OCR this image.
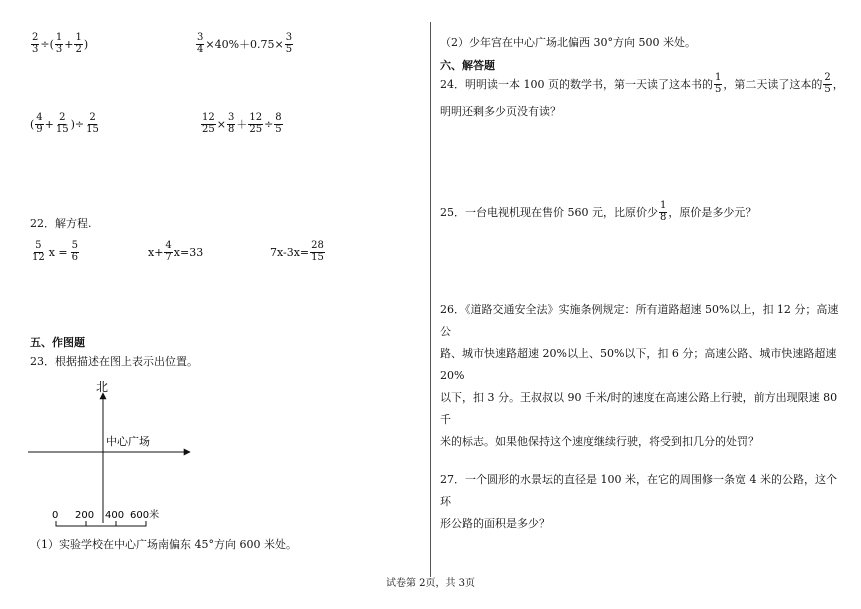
$\frac{2}{3}$ ÷( $\frac{1}{3} + \frac{1}{2}$ )	$\frac{3}{4} \times 40\%+0.75\times \frac{3}{5}$
( $\frac{4}{9} + \frac{2}{15}$ )÷ $\frac{2}{15}$	$\frac{12}{25} \times \frac{3}{8} + \frac{12}{25} \div \frac{8}{5}$
22．解方程.
$\frac{5}{12}$ $x = \frac{5}{6}$	$x+ \frac{4}{7} x=33$	$7x-3x= \frac{28}{15}$
五、作图题
23．根据描述在图上表示出位置。
北
中心广场
0 200 400 600米
（1）实验学校在中心广场南偏东 45°方向 600 米处。
（2）少年宫在中心广场北偏西 30°方向 500 米处。
六、解答题
24．明明读一本 100 页的数学书，第一天读了这本书的 $\frac{1}{5}$ ，第二天读了这本的 $\frac{2}{5}$ ，
明明还剩多少页没有读？
25．一台电视机现在售价 560 元，比原价少 $\frac{1}{8}$ ，原价是多少元？
26．《道路交通安全法》实施条例规定：所有道路超速 50%以上，扣 12 分；高速公
路、城市快速路超速 20%以上、50%以下，扣 6 分；高速公路、城市快速路超速 20%
以下，扣 3 分。王叔叔以 90 千米/时的速度在高速公路上行驶，前方出现限速 80 千
米的标志。如果他保持这个速度继续行驶，将受到扣几分的处罚？
27．一个圆形的水景坛的直径是 100 米，在它的周围修一条宽 4 米的公路，这个环
形公路的面积是多少？
试卷第 2页，共 3页
